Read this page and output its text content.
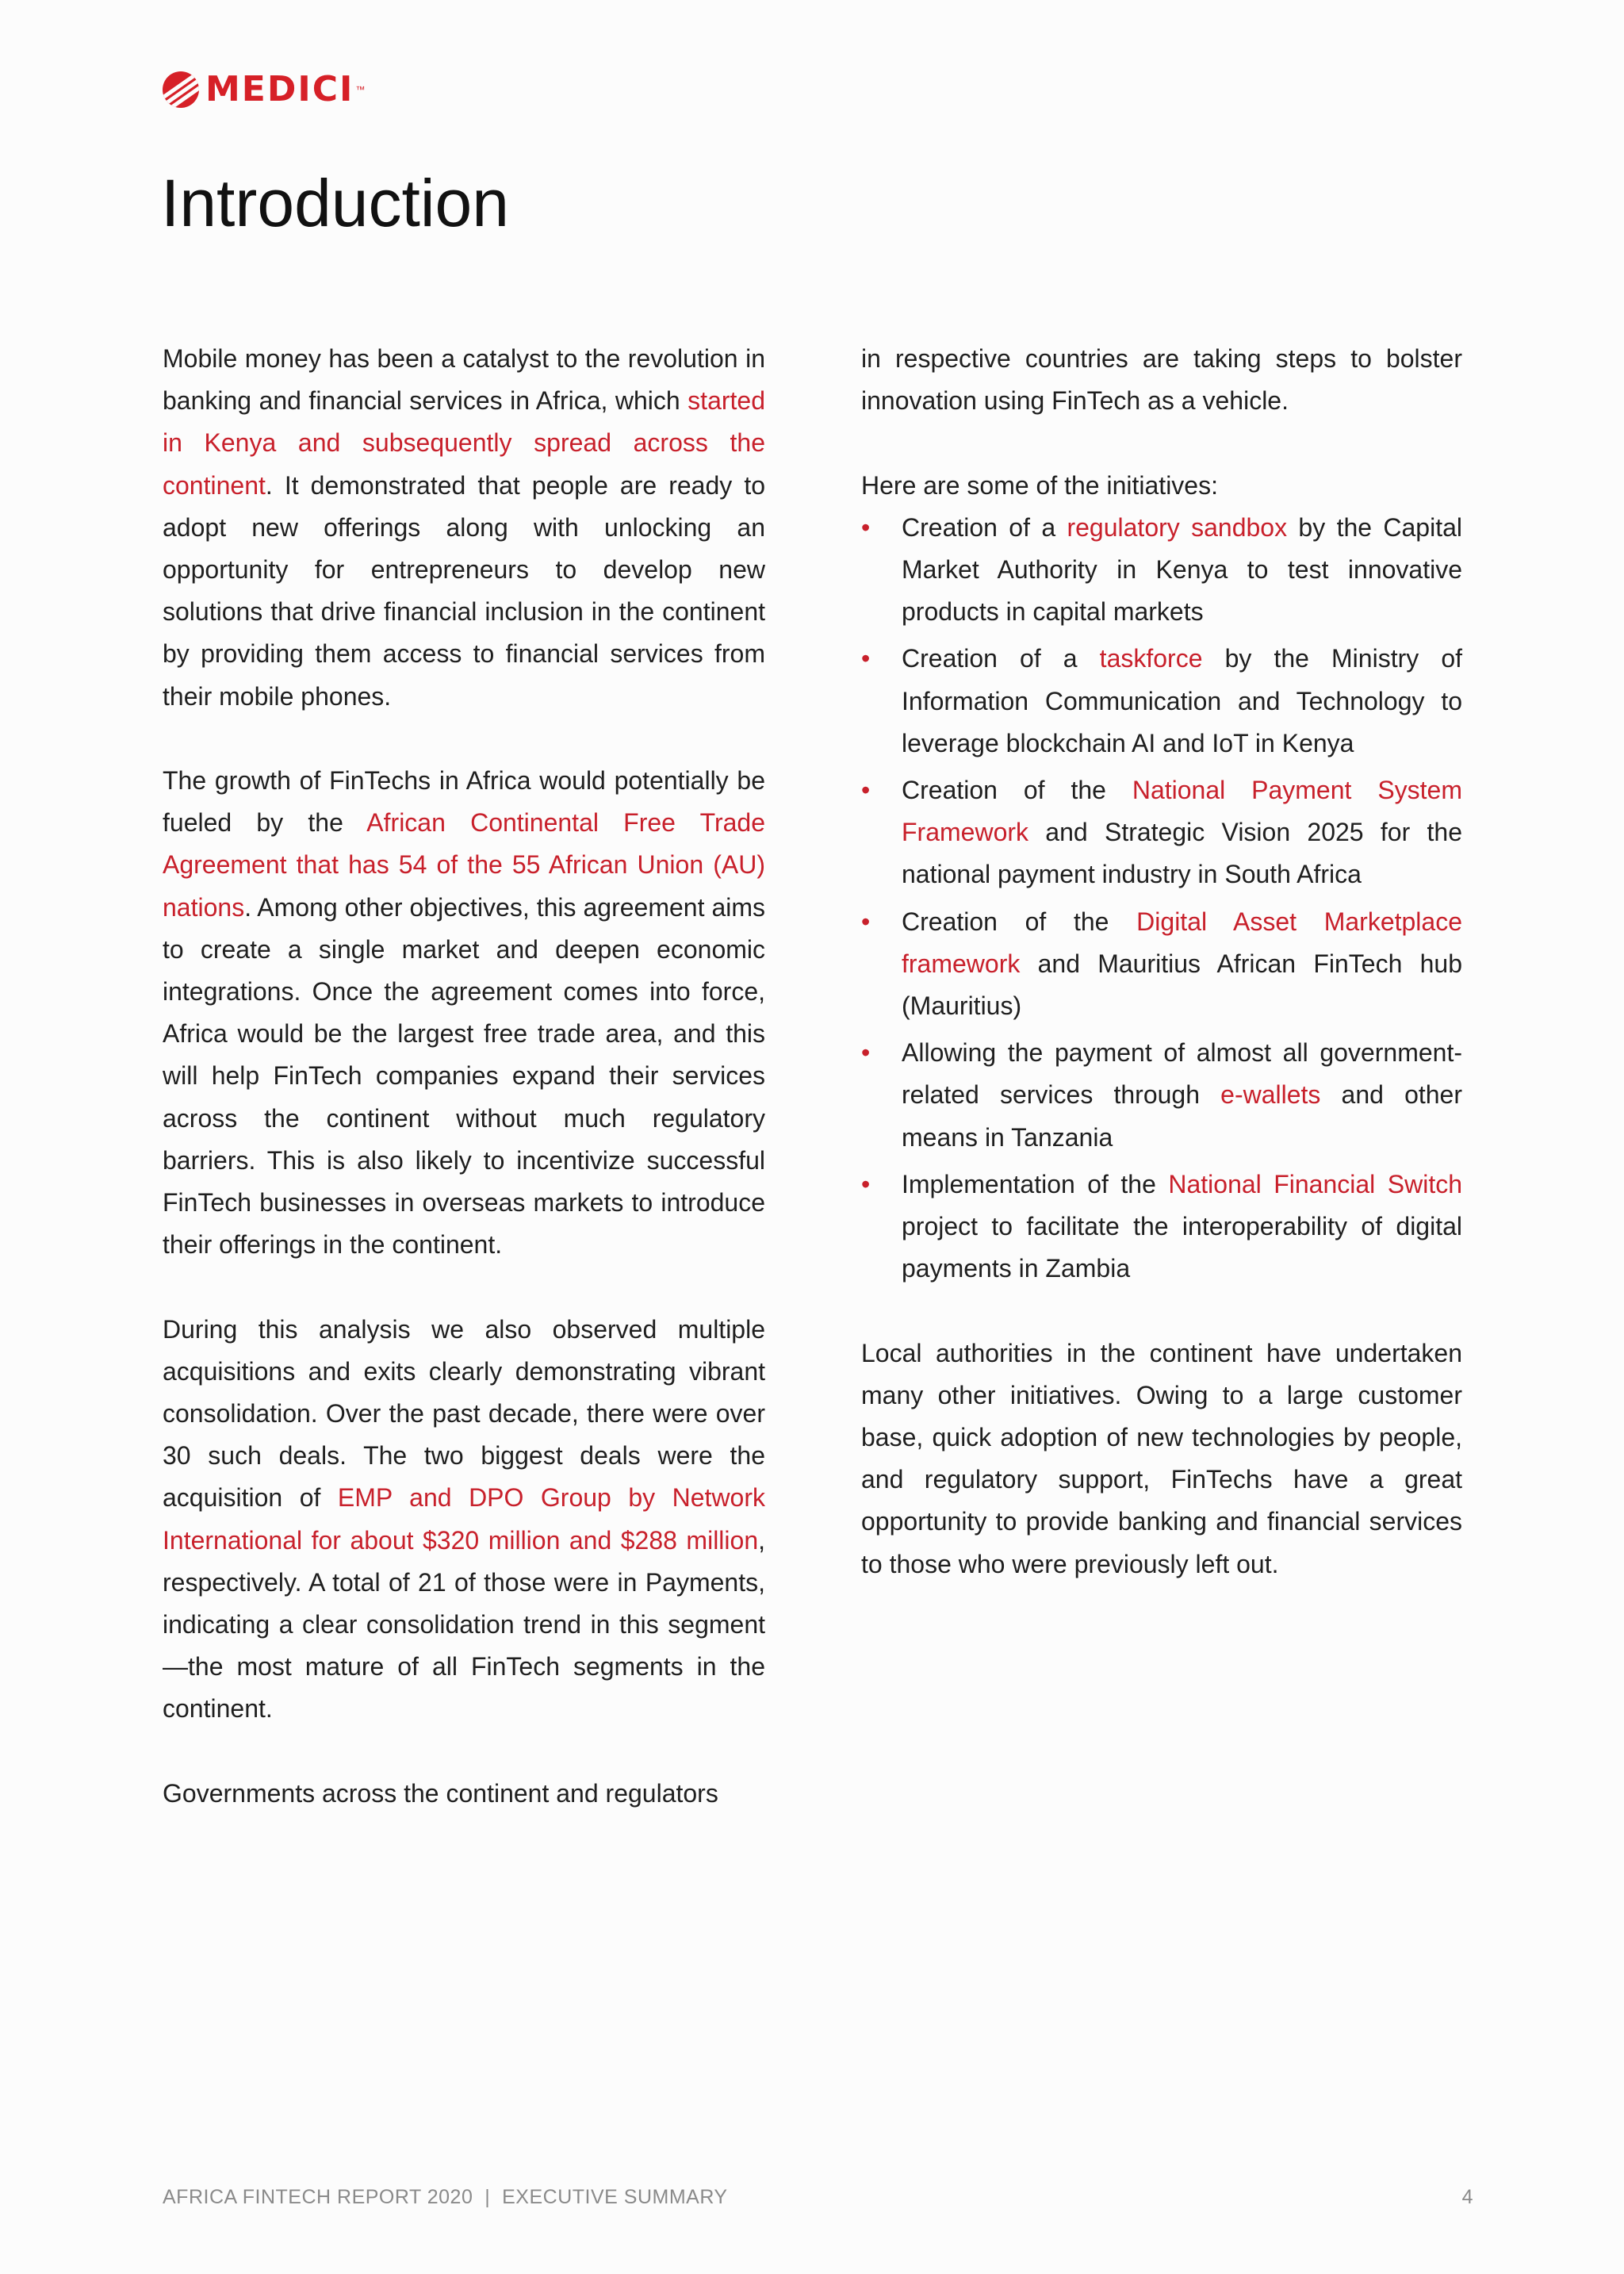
MEDICI ™
Introduction

Mobile money has been a catalyst to the revolution in banking and financial services in Africa, which started in Kenya and subsequently spread across the continent. It demonstrated that people are ready to adopt new offerings along with unlocking an opportunity for entrepreneurs to develop new solutions that drive financial inclusion in the continent by providing them access to financial services from their mobile phones.

The growth of FinTechs in Africa would potentially be fueled by the African Continental Free Trade Agreement that has 54 of the 55 African Union (AU) nations. Among other objectives, this agreement aims to create a single market and deepen economic integrations. Once the agreement comes into force, Africa would be the largest free trade area, and this will help FinTech companies expand their services across the continent without much regulatory barriers. This is also likely to incentivize successful FinTech businesses in overseas markets to introduce their offerings in the continent.

During this analysis we also observed multiple acquisitions and exits clearly demonstrating vibrant consolidation. Over the past decade, there were over 30 such deals. The two biggest deals were the acquisition of EMP and DPO Group by Network International for about $320 million and $288 million, respectively. A total of 21 of those were in Payments, indicating a clear consolidation trend in this segment—the most mature of all FinTech segments in the continent.

Governments across the continent and regulators

in respective countries are taking steps to bolster innovation using FinTech as a vehicle.

Here are some of the initiatives:

• Creation of a regulatory sandbox by the Capital Market Authority in Kenya to test innovative products in capital markets
• Creation of a taskforce by the Ministry of Information Communication and Technology to leverage blockchain AI and IoT in Kenya
• Creation of the National Payment System Framework and Strategic Vision 2025 for the national payment industry in South Africa
• Creation of the Digital Asset Marketplace framework and Mauritius African FinTech hub (Mauritius)
• Allowing the payment of almost all government-related services through e-wallets and other means in Tanzania
• Implementation of the National Financial Switch project to facilitate the interoperability of digital payments in Zambia

Local authorities in the continent have undertaken many other initiatives. Owing to a large customer base, quick adoption of new technologies by people, and regulatory support, FinTechs have a great opportunity to provide banking and financial services to those who were previously left out.

AFRICA FINTECH REPORT 2020  |  EXECUTIVE SUMMARY	4
